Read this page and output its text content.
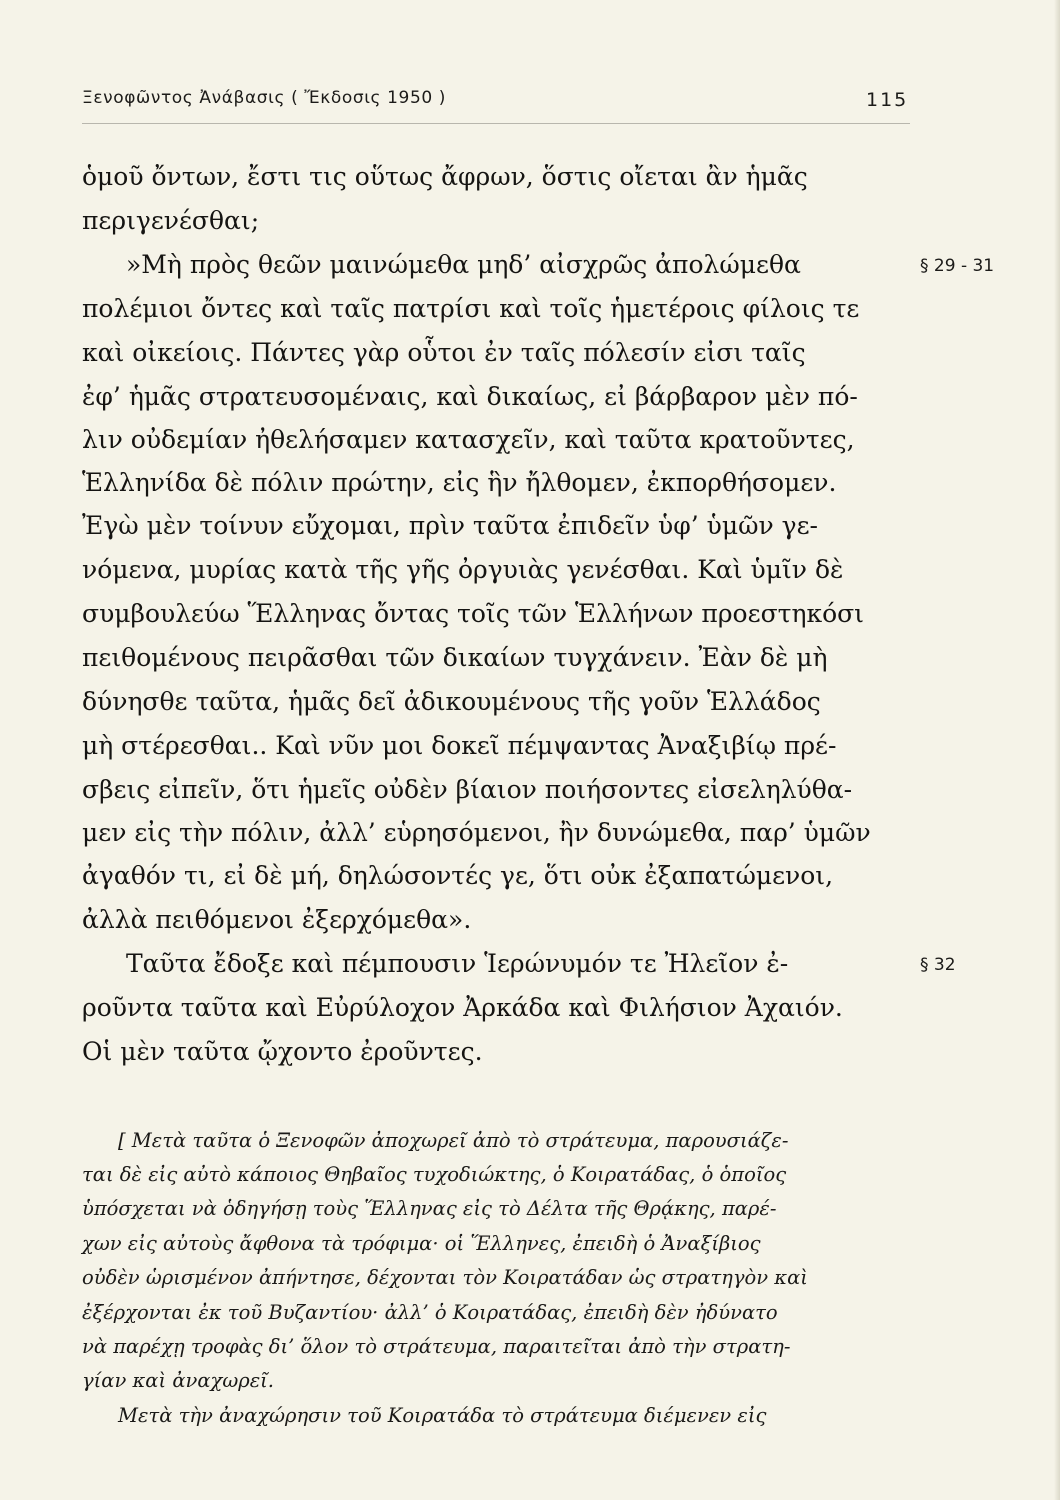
Ξενοφῶντος Ἀνάβασις ( Ἔκδοσις 1950 )	115
ὁμοῦ ὄντων, ἔστι τις οὕτως ἄφρων, ὅστις οἴεται ἂν ἡμᾶς
περιγενέσθαι;
»Μὴ πρὸς θεῶν μαινώμεθα μηδ’ αἰσχρῶς ἀπολώμεθα
πολέμιοι ὄντες καὶ ταῖς πατρίσι καὶ τοῖς ἡμετέροις φίλοις τε
καὶ οἰκείοις. Πάντες γὰρ οὗτοι ἐν ταῖς πόλεσίν εἰσι ταῖς
ἐφ’ ἡμᾶς στρατευσομέναις, καὶ δικαίως, εἰ βάρβαρον μὲν πό-
λιν οὐδεμίαν ἠθελήσαμεν κατασχεῖν, καὶ ταῦτα κρατοῦντες,
Ἑλληνίδα δὲ πόλιν πρώτην, εἰς ἣν ἤλθομεν, ἐκπορθήσομεν.
Ἐγὼ μὲν τοίνυν εὔχομαι, πρὶν ταῦτα ἐπιδεῖν ὑφ’ ὑμῶν γε-
νόμενα, μυρίας κατὰ τῆς γῆς ὀργυιὰς γενέσθαι. Καὶ ὑμῖν δὲ
συμβουλεύω Ἕλληνας ὄντας τοῖς τῶν Ἑλλήνων προεστηκόσι
πειθομένους πειρᾶσθαι τῶν δικαίων τυγχάνειν. Ἐὰν δὲ μὴ
δύνησθε ταῦτα, ἡμᾶς δεῖ ἀδικουμένους τῆς γοῦν Ἑλλάδος
μὴ στέρεσθαι.. Καὶ νῦν μοι δοκεῖ πέμψαντας Ἀναξιβίῳ πρέ-
σβεις εἰπεῖν, ὅτι ἡμεῖς οὐδὲν βίαιον ποιήσοντες εἰσεληλύθα-
μεν εἰς τὴν πόλιν, ἀλλ’ εὑρησόμενοι, ἢν δυνώμεθα, παρ’ ὑμῶν
ἀγαθόν τι, εἰ δὲ μή, δηλώσοντές γε, ὅτι οὐκ ἐξαπατώμενοι,
ἀλλὰ πειθόμενοι ἐξερχόμεθα».
Ταῦτα ἔδοξε καὶ πέμπουσιν Ἱερώνυμόν τε Ἠλεῖον ἐ-
ροῦντα ταῦτα καὶ Εὐρύλοχον Ἀρκάδα καὶ Φιλήσιον Ἀχαιόν.
Οἱ μὲν ταῦτα ᾤχοντο ἐροῦντες.
§ 29 - 31
§ 32
[ Μετὰ ταῦτα ὁ Ξενοφῶν ἀποχωρεῖ ἀπὸ τὸ στράτευμα, παρουσιάζε-
ται δὲ εἰς αὐτὸ κάποιος Θηβαῖος τυχοδιώκτης, ὁ Κοιρατάδας, ὁ ὁποῖος
ὑπόσχεται νὰ ὁδηγήσῃ τοὺς Ἕλληνας εἰς τὸ Δέλτα τῆς Θρᾴκης, παρέ-
χων εἰς αὐτοὺς ἄφθονα τὰ τρόφιμα· οἱ Ἕλληνες, ἐπειδὴ ὁ Ἀναξίβιος
οὐδὲν ὡρισμένον ἀπήντησε, δέχονται τὸν Κοιρατάδαν ὡς στρατηγὸν καὶ
ἐξέρχονται ἐκ τοῦ Βυζαντίου· ἀλλ’ ὁ Κοιρατάδας, ἐπειδὴ δὲν ἠδύνατο
νὰ παρέχῃ τροφὰς δι’ ὅλον τὸ στράτευμα, παραιτεῖται ἀπὸ τὴν στρατη-
γίαν καὶ ἀναχωρεῖ.
Μετὰ τὴν ἀναχώρησιν τοῦ Κοιρατάδα τὸ στράτευμα διέμενεν εἰς
